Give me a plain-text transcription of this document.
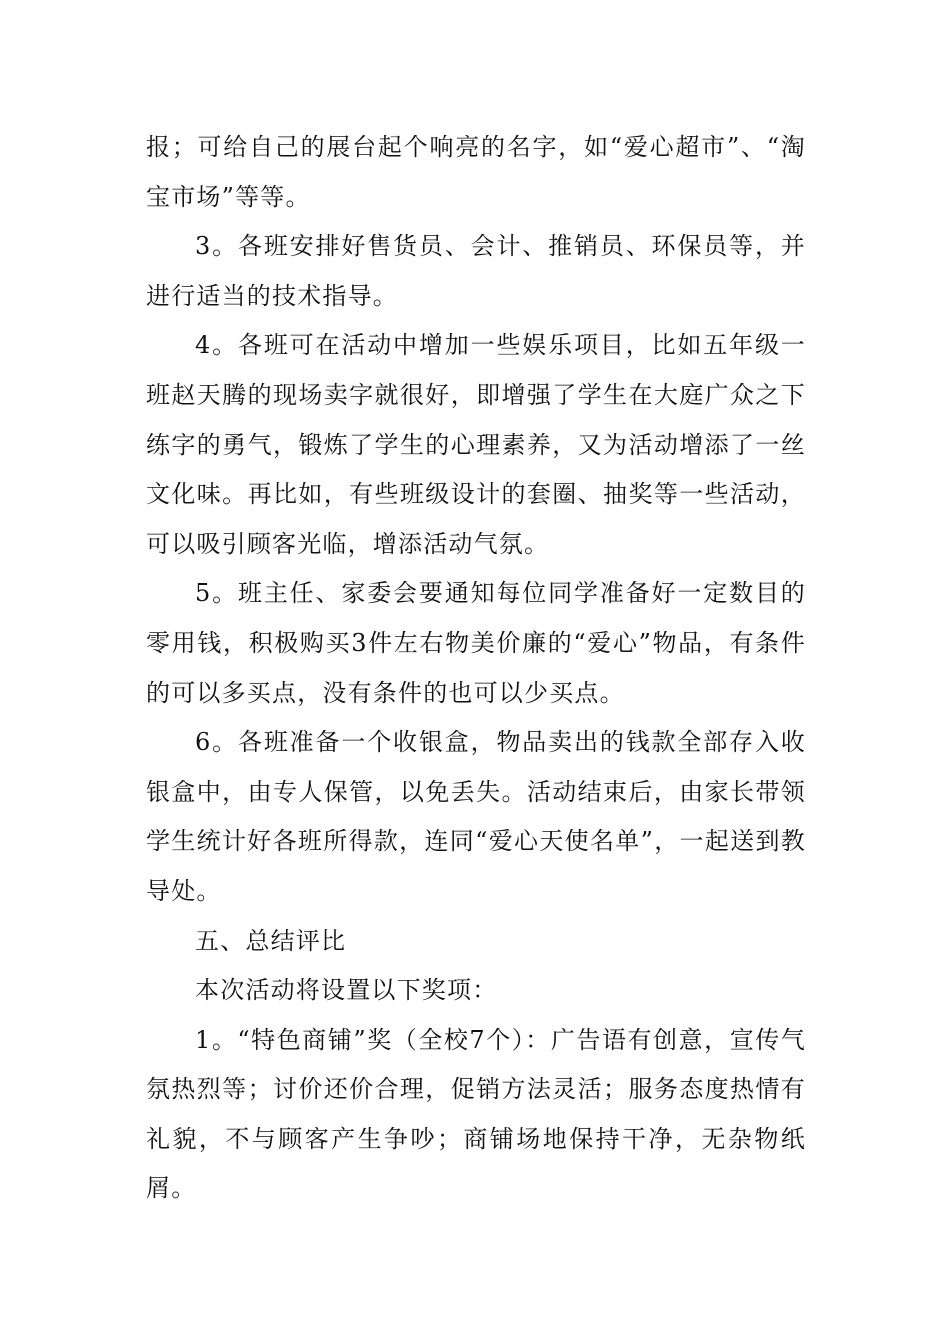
报；可给自己的展台起个响亮的名字，如“爱心超市”、“淘宝市场”等等。

3。各班安排好售货员、会计、推销员、环保员等，并进行适当的技术指导。

4。各班可在活动中增加一些娱乐项目，比如五年级一班赵天腾的现场卖字就很好，即增强了学生在大庭广众之下练字的勇气，锻炼了学生的心理素养，又为活动增添了一丝文化味。再比如，有些班级设计的套圈、抽奖等一些活动，可以吸引顾客光临，增添活动气氛。

5。班主任、家委会要通知每位同学准备好一定数目的零用钱，积极购买3件左右物美价廉的“爱心”物品，有条件的可以多买点，没有条件的也可以少买点。

6。各班准备一个收银盒，物品卖出的钱款全部存入收银盒中，由专人保管，以免丢失。活动结束后，由家长带领学生统计好各班所得款，连同“爱心天使名单”，一起送到教导处。

五、总结评比

本次活动将设置以下奖项：

1。“特色商铺”奖（全校7个）：广告语有创意，宣传气氛热烈等；讨价还价合理，促销方法灵活；服务态度热情有礼貌，不与顾客产生争吵；商铺场地保持干净，无杂物纸屑。
